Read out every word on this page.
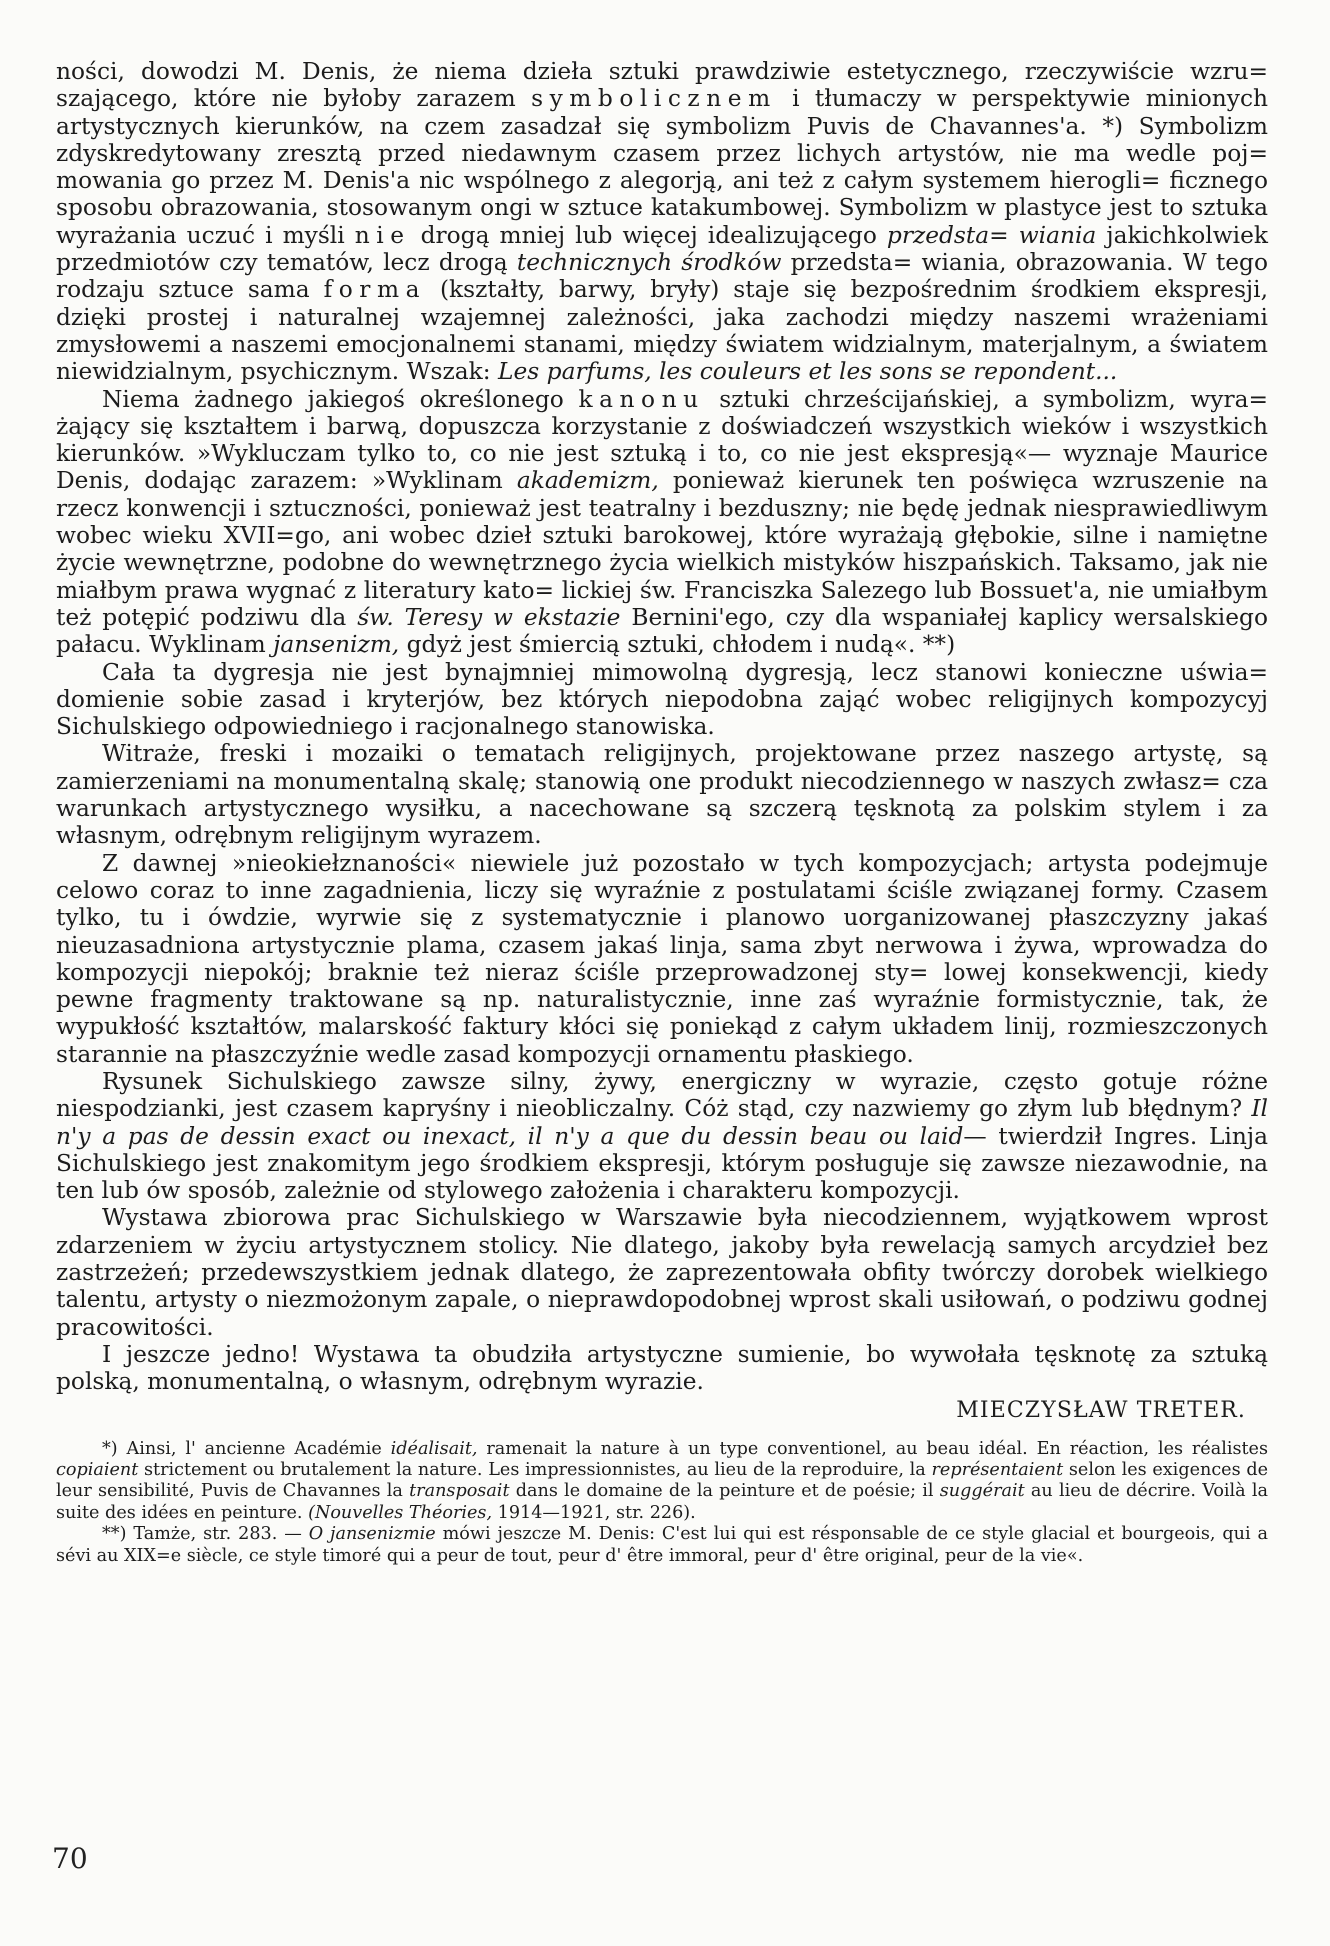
ności, dowodzi M. Denis, że niema dzieła sztuki prawdziwie estetycznego, rzeczywiście wzru= szającego, które nie byłoby zarazem symbolicznem i tłumaczy w perspektywie minionych artystycznych kierunków, na czem zasadzał się symbolizm Puvis de Chavannes'a. *) Symbolizm zdyskredytowany zresztą przed niedawnym czasem przez lichych artystów, nie ma wedle poj= mowania go przez M. Denis'a nic wspólnego z alegorją, ani też z całym systemem hierogli= ficznego sposobu obrazowania, stosowanym ongi w sztuce katakumbowej. Symbolizm w plastyce jest to sztuka wyrażania uczuć i myśli nie drogą mniej lub więcej idealizującego przedsta= wiania jakichkolwiek przedmiotów czy tematów, lecz drogą technicznych środków przedsta= wiania, obrazowania. W tego rodzaju sztuce sama forma (kształty, barwy, bryły) staje się bezpośrednim środkiem ekspresji, dzięki prostej i naturalnej wzajemnej zależności, jaka zachodzi między naszemi wrażeniami zmysłowemi a naszemi emocjonalnemi stanami, między światem widzialnym, materjalnym, a światem niewidzialnym, psychicznym. Wszak: Les parfums, les couleurs et les sons se repondent...

Niema żadnego jakiegoś określonego kanonu sztuki chrześcijańskiej, a symbolizm, wyra= żający się kształtem i barwą, dopuszcza korzystanie z doświadczeń wszystkich wieków i wszystkich kierunków. »Wykluczam tylko to, co nie jest sztuką i to, co nie jest ekspresją«— wyznaje Maurice Denis, dodając zarazem: »Wyklinam akademizm, ponieważ kierunek ten poświęca wzruszenie na rzecz konwencji i sztuczności, ponieważ jest teatralny i bezduszny; nie będę jednak niesprawiedliwym wobec wieku XVII=go, ani wobec dzieł sztuki barokowej, które wyrażają głębokie, silne i namiętne życie wewnętrzne, podobne do wewnętrznego życia wielkich mistyków hiszpańskich. Taksamo, jak nie miałbym prawa wygnać z literatury kato= lickiej św. Franciszka Salezego lub Bossuet'a, nie umiałbym też potępić podziwu dla św. Teresy w ekstazie Bernini'ego, czy dla wspaniałej kaplicy wersalskiego pałacu. Wyklinam jansenizm, gdyż jest śmiercią sztuki, chłodem i nudą«. **)

Cała ta dygresja nie jest bynajmniej mimowolną dygresją, lecz stanowi konieczne uświa= domienie sobie zasad i kryterjów, bez których niepodobna zająć wobec religijnych kompozycyj Sichulskiego odpowiedniego i racjonalnego stanowiska.

Witraże, freski i mozaiki o tematach religijnych, projektowane przez naszego artystę, są zamierzeniami na monumentalną skalę; stanowią one produkt niecodziennego w naszych zwłasz= cza warunkach artystycznego wysiłku, a nacechowane są szczerą tęsknotą za polskim stylem i za własnym, odrębnym religijnym wyrazem.

Z dawnej »nieokiełznaności« niewiele już pozostało w tych kompozycjach; artysta podejmuje celowo coraz to inne zagadnienia, liczy się wyraźnie z postulatami ściśle związanej formy. Czasem tylko, tu i ówdzie, wyrwie się z systematycznie i planowo uorganizowanej płaszczyzny jakaś nieuzasadniona artystycznie plama, czasem jakaś linja, sama zbyt nerwowa i żywa, wprowadza do kompozycji niepokój; braknie też nieraz ściśle przeprowadzonej sty= lowej konsekwencji, kiedy pewne fragmenty traktowane są np. naturalistycznie, inne zaś wyraźnie formistycznie, tak, że wypukłość kształtów, malarskość faktury kłóci się poniekąd z całym układem linij, rozmieszczonych starannie na płaszczyźnie wedle zasad kompozycji ornamentu płaskiego.

Rysunek Sichulskiego zawsze silny, żywy, energiczny w wyrazie, często gotuje różne niespodzianki, jest czasem kapryśny i nieobliczalny. Cóż stąd, czy nazwiemy go złym lub błędnym? Il n'y a pas de dessin exact ou inexact, il n'y a que du dessin beau ou laid— twierdził Ingres. Linja Sichulskiego jest znakomitym jego środkiem ekspresji, którym posługuje się zawsze niezawodnie, na ten lub ów sposób, zależnie od stylowego założenia i charakteru kompozycji.

Wystawa zbiorowa prac Sichulskiego w Warszawie była niecodziennem, wyjątkowem wprost zdarzeniem w życiu artystycznem stolicy. Nie dlatego, jakoby była rewelacją samych arcydzieł bez zastrzeżeń; przedewszystkiem jednak dlatego, że zaprezentowała obfity twórczy dorobek wielkiego talentu, artysty o niezmożonym zapale, o nieprawdopodobnej wprost skali usiłowań, o podziwu godnej pracowitości.

I jeszcze jedno! Wystawa ta obudziła artystyczne sumienie, bo wywołała tęsknotę za sztuką polską, monumentalną, o własnym, odrębnym wyrazie.

MIECZYSŁAW TRETER.

*) Ainsi, l' ancienne Académie idéalisait, ramenait la nature à un type conventionel, au beau idéal. En réaction, les réalistes copiaient strictement ou brutalement la nature. Les impressionnistes, au lieu de la reproduire, la représentaient selon les exigences de leur sensibilité, Puvis de Chavannes la transposait dans le domaine de la peinture et de poésie; il suggérait au lieu de décrire. Voilà la suite des idées en peinture. (Nouvelles Théories, 1914—1921, str. 226).

**) Tamże, str. 283. — O jansenizmie mówi jeszcze M. Denis: C'est lui qui est résponsable de ce style glacial et bourgeois, qui a sévi au XIX=e siècle, ce style timoré qui a peur de tout, peur d' être immoral, peur d' être original, peur de la vie«.

70
